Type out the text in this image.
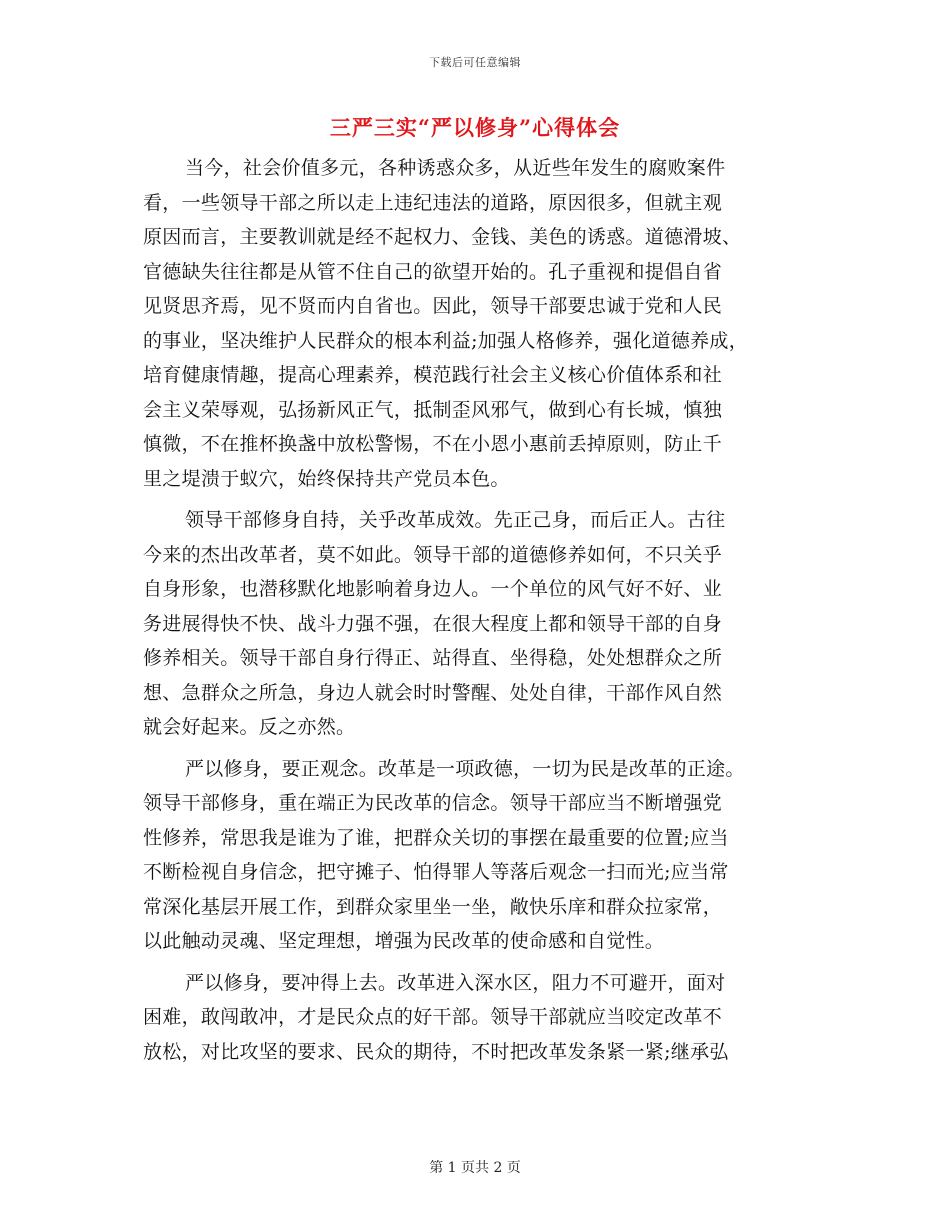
下载后可任意编辑
三严三实“严以修身”心得体会
当今，社会价值多元，各种诱惑众多，从近些年发生的腐败案件
看，一些领导干部之所以走上违纪违法的道路，原因很多，但就主观
原因而言，主要教训就是经不起权力、金钱、美色的诱惑。道德滑坡、
官德缺失往往都是从管不住自己的欲望开始的。孔子重视和提倡自省
见贤思齐焉，见不贤而内自省也。因此，领导干部要忠诚于党和人民
的事业，坚决维护人民群众的根本利益;加强人格修养，强化道德养成，
培育健康情趣，提高心理素养，模范践行社会主义核心价值体系和社
会主义荣辱观，弘扬新风正气，抵制歪风邪气，做到心有长城，慎独
慎微，不在推杯换盏中放松警惕，不在小恩小惠前丢掉原则，防止千
里之堤溃于蚁穴，始终保持共产党员本色。
领导干部修身自持，关乎改革成效。先正己身，而后正人。古往
今来的杰出改革者，莫不如此。领导干部的道德修养如何，不只关乎
自身形象，也潜移默化地影响着身边人。一个单位的风气好不好、业
务进展得快不快、战斗力强不强，在很大程度上都和领导干部的自身
修养相关。领导干部自身行得正、站得直、坐得稳，处处想群众之所
想、急群众之所急，身边人就会时时警醒、处处自律，干部作风自然
就会好起来。反之亦然。
严以修身，要正观念。改革是一项政德，一切为民是改革的正途。
领导干部修身，重在端正为民改革的信念。领导干部应当不断增强党
性修养，常思我是谁为了谁，把群众关切的事摆在最重要的位置;应当
不断检视自身信念，把守摊子、怕得罪人等落后观念一扫而光;应当常
常深化基层开展工作，到群众家里坐一坐，敞快乐庠和群众拉家常，
以此触动灵魂、坚定理想，增强为民改革的使命感和自觉性。
严以修身，要冲得上去。改革进入深水区，阻力不可避开，面对
困难，敢闯敢冲，才是民众点的好干部。领导干部就应当咬定改革不
放松，对比攻坚的要求、民众的期待，不时把改革发条紧一紧;继承弘
第 1 页共 2 页
